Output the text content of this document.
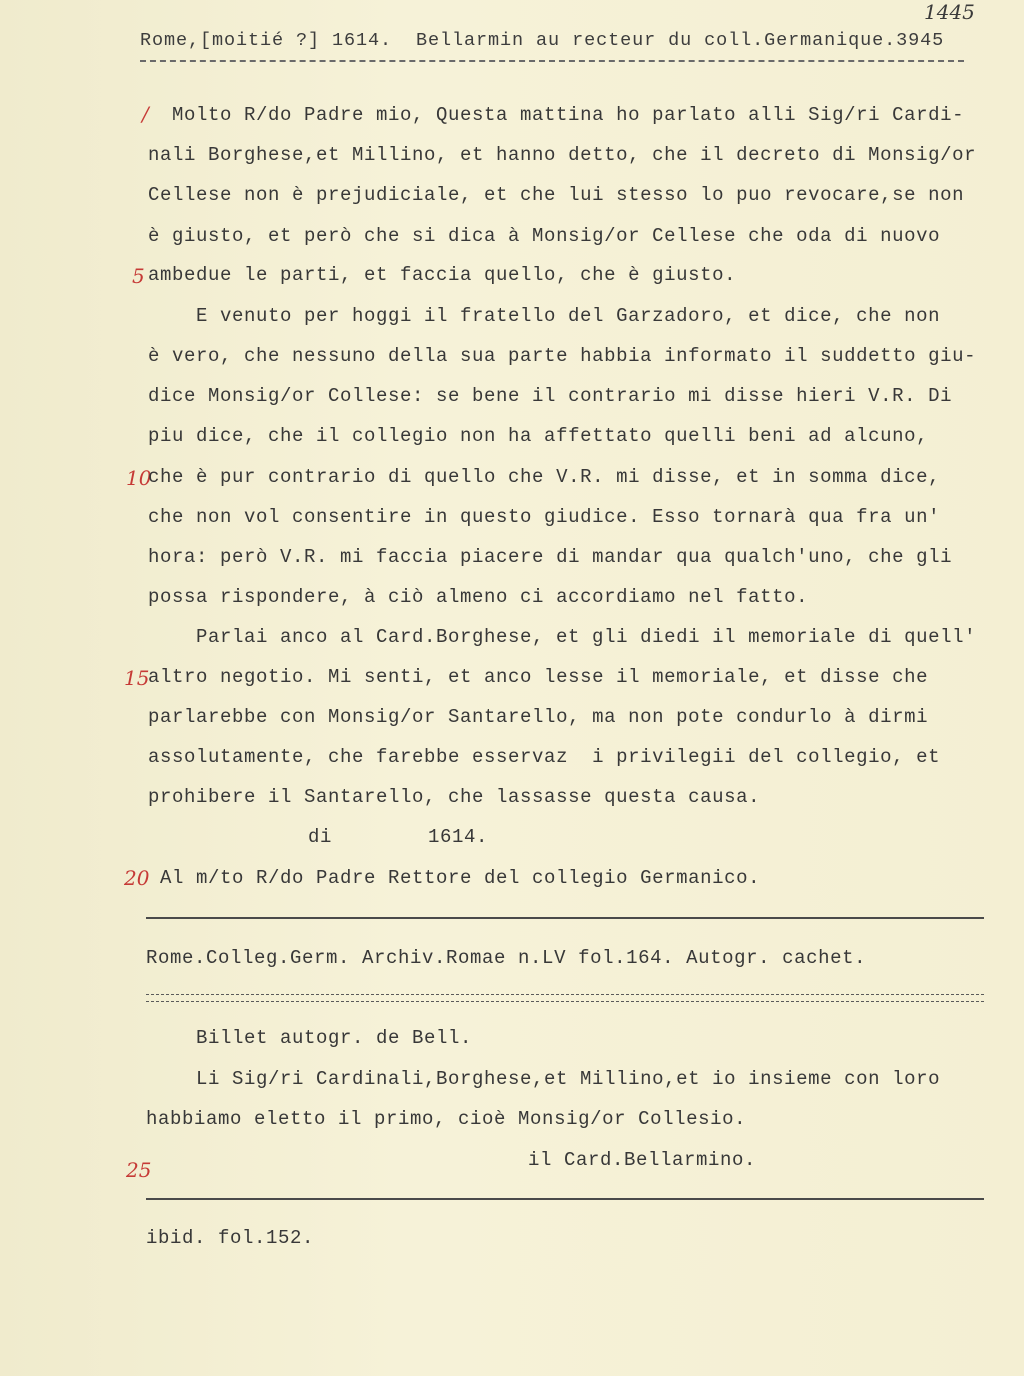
1445
Rome,[moitié ?] 1614.  Bellarmin au recteur du coll.Germanique.3945
/
5
10
15
20
25
Molto R/do Padre mio, Questa mattina ho parlato alli Sig/ri Cardi-
nali Borghese,et Millino, et hanno detto, che il decreto di Monsig/or
Cellese non è prejudiciale, et che lui stesso lo puo revocare,se non
è giusto, et però che si dica à Monsig/or Cellese che oda di nuovo
ambedue le parti, et faccia quello, che è giusto.
E venuto per hoggi il fratello del Garzadoro, et dice, che non
è vero, che nessuno della sua parte habbia informato il suddetto giu-
dice Monsig/or Collese: se bene il contrario mi disse hieri V.R. Di
piu dice, che il collegio non ha affettato quelli beni ad alcuno,
che è pur contrario di quello che V.R. mi disse, et in somma dice,
che non vol consentire in questo giudice. Esso tornarà qua fra un'
hora: però V.R. mi faccia piacere di mandar qua qualch'uno, che gli
possa rispondere, à ciò almeno ci accordiamo nel fatto.
Parlai anco al Card.Borghese, et gli diedi il memoriale di quell'
altro negotio. Mi senti, et anco lesse il memoriale, et disse che
parlarebbe con Monsig/or Santarello, ma non pote condurlo à dirmi
assolutamente, che farebbe esservaz  i privilegii del collegio, et
prohibere il Santarello, che lassasse questa causa.
di        1614.
Al m/to R/do Padre Rettore del collegio Germanico.
Rome.Colleg.Germ. Archiv.Romae n.LV fol.164. Autogr. cachet.
Billet autogr. de Bell.
Li Sig/ri Cardinali,Borghese,et Millino,et io insieme con loro
habbiamo eletto il primo, cioè Monsig/or Collesio.
il Card.Bellarmino.
ibid. fol.152.
